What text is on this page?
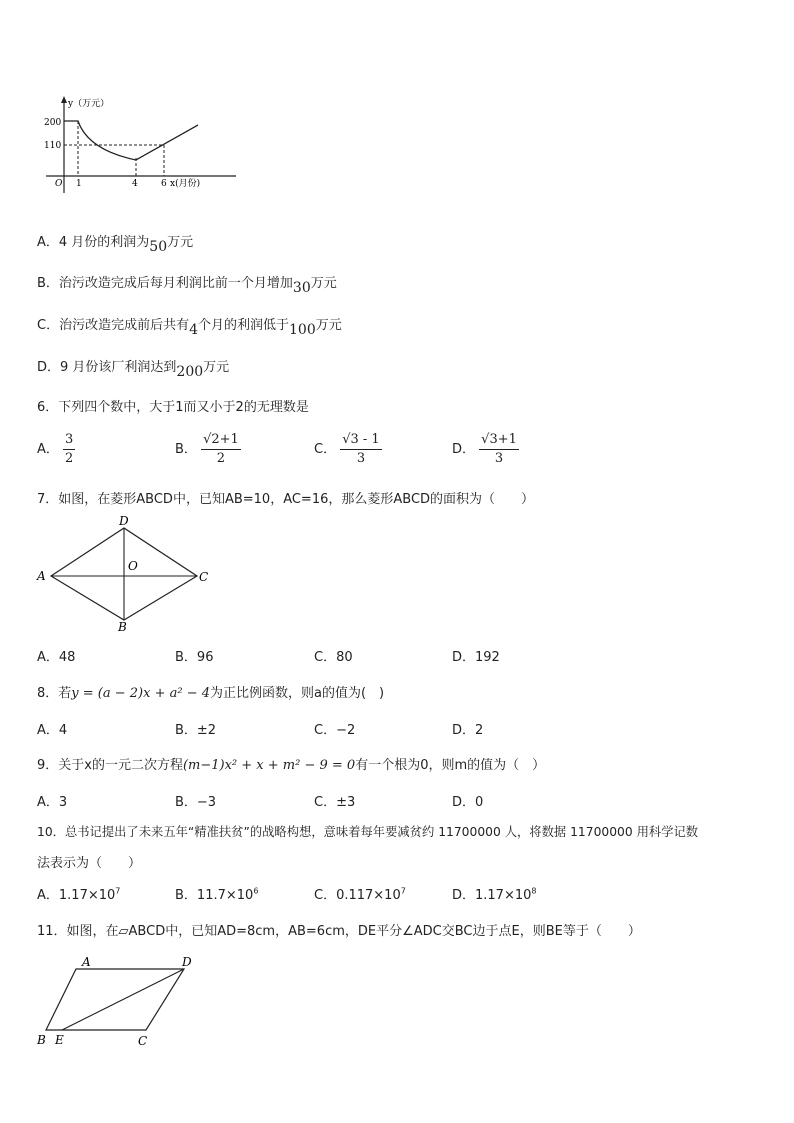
y（万元）
O
200
110
1	4	6 x(月份)
A．4 月份的利润为50万元
B．治污改造完成后每月利润比前一个月增加30万元
C．治污改造完成前后共有4个月的利润低于100万元
D．9 月份该厂利润达到200万元
6．下列四个数中，大于1而又小于2的无理数是
A． $\frac{3}{2}$	B． $\frac{√2+1}{2}$	C． $\frac{√3 - 1}{3}$	D． $\frac{√3+1}{3}$
7．如图，在菱形ABCD中，已知AB=10，AC=16，那么菱形ABCD的面积为（　　）
A	C
D
B
O
A．48	B．96	C．80	D．192
8．若y = (a − 2)x + a² − 4为正比例函数，则a的值为(　)
A．4	B．±2	C．−2	D．2
9．关于x的一元二次方程(m−1)x² + x + m² − 9 = 0有一个根为0，则m的值为（　）
A．3	B．−3	C．±3	D．0
10．总书记提出了未来五年“精准扶贫”的战略构想，意味着每年要减贫约 11700000 人，将数据 11700000 用科学记数
法表示为（　　）
A．$1.17\times 10^7$	B．$11.7\times 10^6$	C．$0.117\times 10^7$	D．$1.17\times 10^8$
11．如图，在▱ABCD中，已知AD=8cm，AB=6cm，DE平分∠ADC交BC边于点E，则BE等于（　　）
A	D
B E	C
